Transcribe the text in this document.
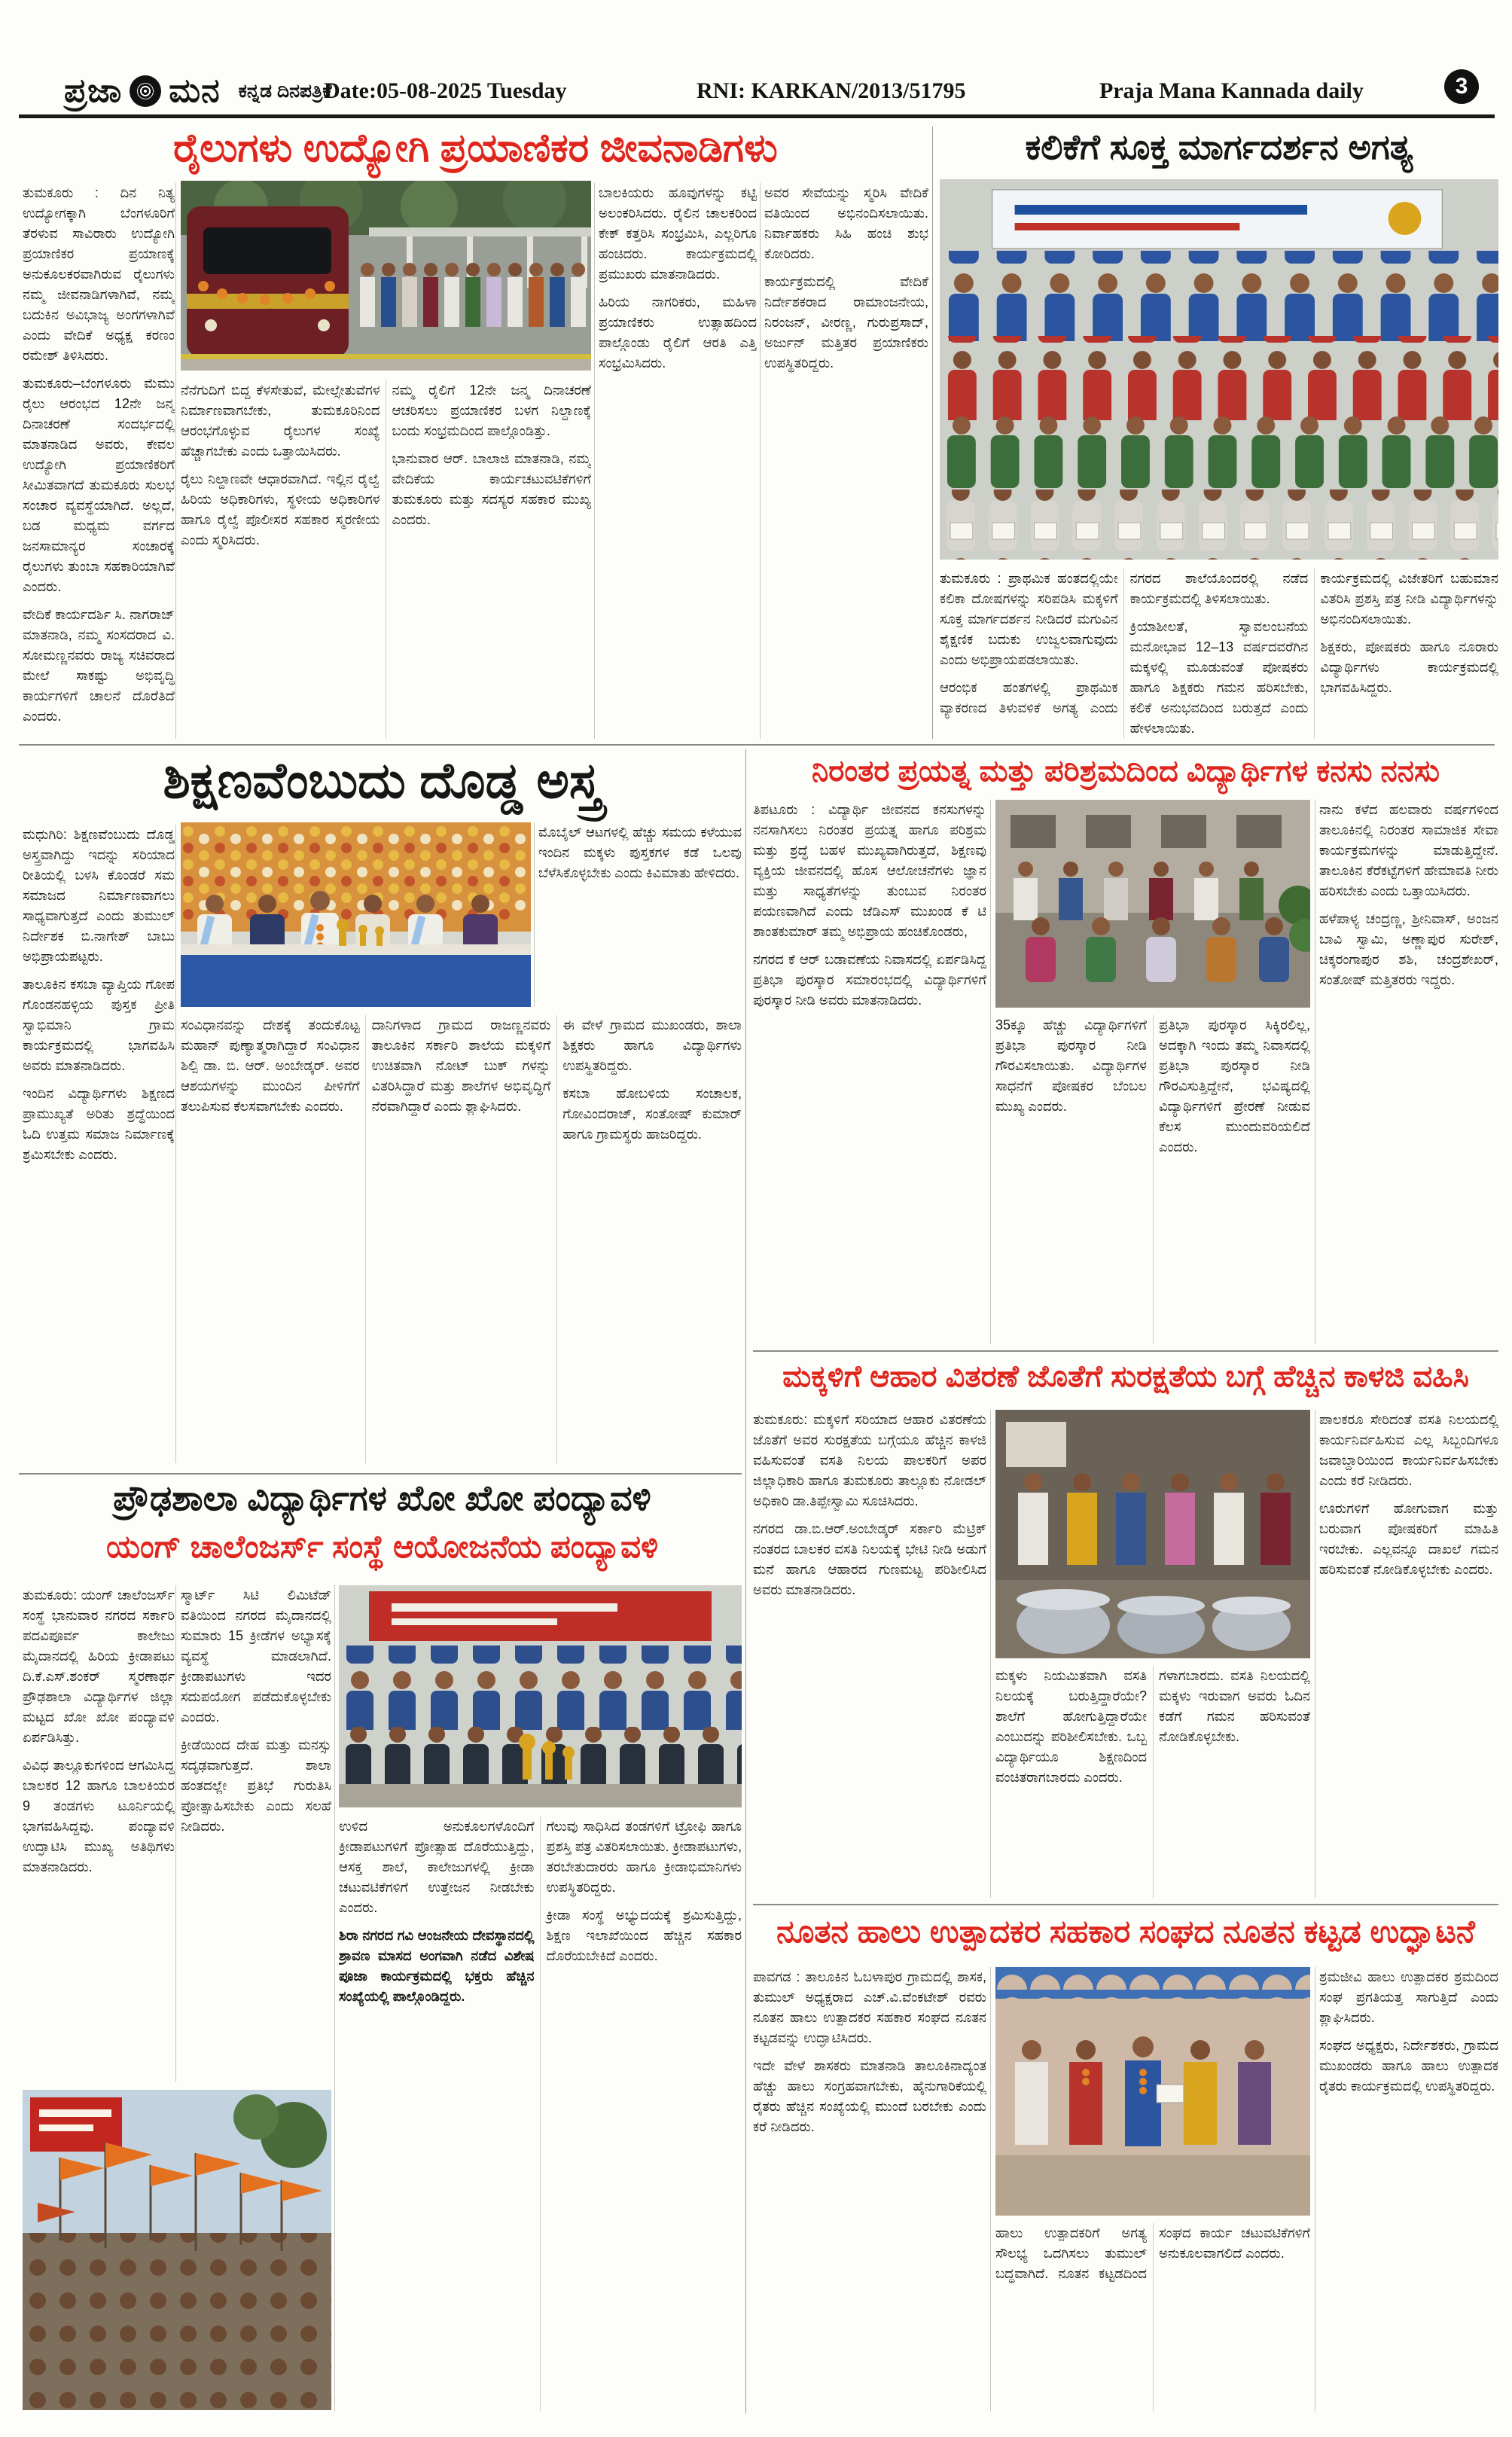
ಪ್ರಜಾ ಮನ ಕನ್ನಡ ದಿನಪತ್ರಿಕೆ
Date:05-08-2025 Tuesday	RNI: KARKAN/2013/51795	Praja Mana Kannada daily	3
ರೈಲುಗಳು ಉದ್ಯೋಗಿ ಪ್ರಯಾಣಿಕರ ಜೀವನಾಡಿಗಳು

ತುಮಕೂರು : ದಿನ ನಿತ್ಯ ಉದ್ಯೋಗಕ್ಕಾಗಿ ಬೆಂಗಳೂರಿಗೆ ತೆರಳುವ ಸಾವಿರಾರು ಉದ್ಯೋಗಿ ಪ್ರಯಾಣಿಕರ ಪ್ರಯಾಣಕ್ಕೆ ಅನುಕೂಲಕರವಾಗಿರುವ ರೈಲುಗಳು ನಮ್ಮ ಜೀವನಾಡಿಗಳಾಗಿವೆ, ನಮ್ಮ ಬದುಕಿನ ಅವಿಭಾಜ್ಯ ಅಂಗಗಳಾಗಿವೆ ಎಂದು ವೇದಿಕೆ ಅಧ್ಯಕ್ಷ ಕರಣಂ ರಮೇಶ್ ತಿಳಿಸಿದರು.

ತುಮಕೂರು–ಬೆಂಗಳೂರು ಮೆಮು ರೈಲು ಆರಂಭದ 12ನೇ ಜನ್ಮ ದಿನಾಚರಣೆ ಸಂದರ್ಭದಲ್ಲಿ ಮಾತನಾಡಿದ ಅವರು, ಕೇವಲ ಉದ್ಯೋಗಿ ಪ್ರಯಾಣಿಕರಿಗೆ ಸೀಮಿತವಾಗದೆ ತುಮಕೂರು ಸುಲಭ ಸಂಚಾರ ವ್ಯವಸ್ಥೆಯಾಗಿದೆ. ಅಲ್ಲದೆ, ಬಡ ಮಧ್ಯಮ ವರ್ಗದ ಜನಸಾಮಾನ್ಯರ ಸಂಚಾರಕ್ಕೆ ರೈಲುಗಳು ತುಂಬಾ ಸಹಕಾರಿಯಾಗಿವೆ ಎಂದರು.

ವೇದಿಕೆ ಕಾರ್ಯದರ್ಶಿ ಸಿ. ನಾಗರಾಜ್ ಮಾತನಾಡಿ, ನಮ್ಮ ಸಂಸದರಾದ ವಿ. ಸೋಮಣ್ಣನವರು ರಾಜ್ಯ ಸಚಿವರಾದ ಮೇಲೆ ಸಾಕಷ್ಟು ಅಭಿವೃದ್ಧಿ ಕಾರ್ಯಗಳಿಗೆ ಚಾಲನೆ ದೊರೆತಿದೆ ಎಂದರು.

ನೆನೆಗುದಿಗೆ ಬಿದ್ದ ಕೆಳಸೇತುವೆ, ಮೇಲ್ಸೇತುವೆಗಳ ನಿರ್ಮಾಣವಾಗಬೇಕು, ತುಮಕೂರಿನಿಂದ ಆರಂಭಗೊಳ್ಳುವ ರೈಲುಗಳ ಸಂಖ್ಯೆ ಹೆಚ್ಚಾಗಬೇಕು ಎಂದು ಒತ್ತಾಯಿಸಿದರು.

ರೈಲು ನಿಲ್ದಾಣವೇ ಆಧಾರವಾಗಿದೆ. ಇಲ್ಲಿನ ರೈಲ್ವೆ ಹಿರಿಯ ಅಧಿಕಾರಿಗಳು, ಸ್ಥಳೀಯ ಅಧಿಕಾರಿಗಳ ಹಾಗೂ ರೈಲ್ವೆ ಪೊಲೀಸರ ಸಹಕಾರ ಸ್ಮರಣೀಯ ಎಂದು ಸ್ಮರಿಸಿದರು.

ನಮ್ಮ ರೈಲಿಗೆ 12ನೇ ಜನ್ಮ ದಿನಾಚರಣೆ ಆಚರಿಸಲು ಪ್ರಯಾಣಿಕರ ಬಳಗ ನಿಲ್ದಾಣಕ್ಕೆ ಬಂದು ಸಂಭ್ರಮದಿಂದ ಪಾಲ್ಗೊಂಡಿತ್ತು.

ಭಾನುವಾರ ಆರ್. ಬಾಲಾಜಿ ಮಾತನಾಡಿ, ನಮ್ಮ ವೇದಿಕೆಯ ಕಾರ್ಯಚಟುವಟಿಕೆಗಳಿಗೆ ತುಮಕೂರು ಮತ್ತು ಸದಸ್ಯರ ಸಹಕಾರ ಮುಖ್ಯ ಎಂದರು.

ಬಾಲಕಿಯರು ಹೂವುಗಳನ್ನು ಕಟ್ಟಿ ಅಲಂಕರಿಸಿದರು. ರೈಲಿನ ಚಾಲಕರಿಂದ ಕೇಕ್ ಕತ್ತರಿಸಿ ಸಂಭ್ರಮಿಸಿ, ಎಲ್ಲರಿಗೂ ಹಂಚಿದರು. ಕಾರ್ಯಕ್ರಮದಲ್ಲಿ ಪ್ರಮುಖರು ಮಾತನಾಡಿದರು.

ಹಿರಿಯ ನಾಗರಿಕರು, ಮಹಿಳಾ ಪ್ರಯಾಣಿಕರು ಉತ್ಸಾಹದಿಂದ ಪಾಲ್ಗೊಂಡು ರೈಲಿಗೆ ಆರತಿ ಎತ್ತಿ ಸಂಭ್ರಮಿಸಿದರು.

ಅವರ ಸೇವೆಯನ್ನು ಸ್ಮರಿಸಿ ವೇದಿಕೆ ವತಿಯಿಂದ ಅಭಿನಂದಿಸಲಾಯಿತು. ನಿರ್ವಾಹಕರು ಸಿಹಿ ಹಂಚಿ ಶುಭ ಕೋರಿದರು.

ಕಾರ್ಯಕ್ರಮದಲ್ಲಿ ವೇದಿಕೆ ನಿರ್ದೇಶಕರಾದ ರಾಮಾಂಜನೇಯ, ನಿರಂಜನ್, ವೀರಣ್ಣ, ಗುರುಪ್ರಸಾದ್, ಅರ್ಜುನ್ ಮತ್ತಿತರ ಪ್ರಯಾಣಿಕರು ಉಪಸ್ಥಿತರಿದ್ದರು.

ಕಲಿಕೆಗೆ ಸೂಕ್ತ ಮಾರ್ಗದರ್ಶನ ಅಗತ್ಯ

ತುಮಕೂರು : ಪ್ರಾಥಮಿಕ ಹಂತದಲ್ಲಿಯೇ ಕಲಿಕಾ ದೋಷಗಳನ್ನು ಸರಿಪಡಿಸಿ ಮಕ್ಕಳಿಗೆ ಸೂಕ್ತ ಮಾರ್ಗದರ್ಶನ ನೀಡಿದರೆ ಮಗುವಿನ ಶೈಕ್ಷಣಿಕ ಬದುಕು ಉಜ್ವಲವಾಗುವುದು ಎಂದು ಅಭಿಪ್ರಾಯಪಡಲಾಯಿತು.

ಆರಂಭಿಕ ಹಂತಗಳಲ್ಲಿ ಪ್ರಾಥಮಿಕ ವ್ಯಾಕರಣದ ತಿಳುವಳಿಕೆ ಅಗತ್ಯ ಎಂದು ನಗರದ ಶಾಲೆಯೊಂದರಲ್ಲಿ ನಡೆದ ಕಾರ್ಯಕ್ರಮದಲ್ಲಿ ತಿಳಿಸಲಾಯಿತು.

ಕ್ರಿಯಾಶೀಲತೆ, ಸ್ವಾವಲಂಬನೆಯ ಮನೋಭಾವ 12–13 ವರ್ಷದವರೆಗಿನ ಮಕ್ಕಳಲ್ಲಿ ಮೂಡುವಂತೆ ಪೋಷಕರು ಹಾಗೂ ಶಿಕ್ಷಕರು ಗಮನ ಹರಿಸಬೇಕು, ಕಲಿಕೆ ಅನುಭವದಿಂದ ಬರುತ್ತದೆ ಎಂದು ಹೇಳಲಾಯಿತು.

ಕಾರ್ಯಕ್ರಮದಲ್ಲಿ ವಿಜೇತರಿಗೆ ಬಹುಮಾನ ವಿತರಿಸಿ ಪ್ರಶಸ್ತಿ ಪತ್ರ ನೀಡಿ ವಿದ್ಯಾರ್ಥಿಗಳನ್ನು ಅಭಿನಂದಿಸಲಾಯಿತು.

ಶಿಕ್ಷಕರು, ಪೋಷಕರು ಹಾಗೂ ನೂರಾರು ವಿದ್ಯಾರ್ಥಿಗಳು ಕಾರ್ಯಕ್ರಮದಲ್ಲಿ ಭಾಗವಹಿಸಿದ್ದರು.

ಶಿಕ್ಷಣವೆಂಬುದು ದೊಡ್ಡ ಅಸ್ತ್ರ

ಮಧುಗಿರಿ: ಶಿಕ್ಷಣವೆಂಬುದು ದೊಡ್ಡ ಅಸ್ತ್ರವಾಗಿದ್ದು ಇದನ್ನು ಸರಿಯಾದ ರೀತಿಯಲ್ಲಿ ಬಳಸಿ ಕೊಂಡರೆ ಸಮ ಸಮಾಜದ ನಿರ್ಮಾಣವಾಗಲು ಸಾಧ್ಯವಾಗುತ್ತದೆ ಎಂದು ತುಮುಲ್ ನಿರ್ದೇಶಕ ಬಿ.ನಾಗೇಶ್ ಬಾಬು ಅಭಿಪ್ರಾಯಪಟ್ಟರು.

ತಾಲೂಕಿನ ಕಸಬಾ ವ್ಯಾಪ್ತಿಯ ಗೋಪ ಗೊಂಡನಹಳ್ಳಿಯ ಪುಸ್ತಕ ಪ್ರೀತಿ ಸ್ವಾಭಿಮಾನಿ ಗ್ರಾಮ ಕಾರ್ಯಕ್ರಮದಲ್ಲಿ ಭಾಗವಹಿಸಿ ಅವರು ಮಾತನಾಡಿದರು.

ಇಂದಿನ ವಿದ್ಯಾರ್ಥಿಗಳು ಶಿಕ್ಷಣದ ಪ್ರಾಮುಖ್ಯತೆ ಅರಿತು ಶ್ರದ್ಧೆಯಿಂದ ಓದಿ ಉತ್ತಮ ಸಮಾಜ ನಿರ್ಮಾಣಕ್ಕೆ ಶ್ರಮಿಸಬೇಕು ಎಂದರು.

ಮೊಬೈಲ್ ಆಟಗಳಲ್ಲಿ ಹೆಚ್ಚು ಸಮಯ ಕಳೆಯುವ ಇಂದಿನ ಮಕ್ಕಳು ಪುಸ್ತಕಗಳ ಕಡೆ ಒಲವು ಬೆಳೆಸಿಕೊಳ್ಳಬೇಕು ಎಂದು ಕಿವಿಮಾತು ಹೇಳಿದರು.

ಸಂವಿಧಾನವನ್ನು ದೇಶಕ್ಕೆ ತಂದುಕೊಟ್ಟ ಮಹಾನ್ ಪುಣ್ಯಾತ್ಮರಾಗಿದ್ದಾರೆ ಸಂವಿಧಾನ ಶಿಲ್ಪಿ ಡಾ. ಬಿ. ಆರ್. ಅಂಬೇಡ್ಕರ್. ಅವರ ಆಶಯಗಳನ್ನು ಮುಂದಿನ ಪೀಳಿಗೆಗೆ ತಲುಪಿಸುವ ಕೆಲಸವಾಗಬೇಕು ಎಂದರು.

ದಾನಿಗಳಾದ ಗ್ರಾಮದ ರಾಜಣ್ಣನವರು ತಾಲೂಕಿನ ಸರ್ಕಾರಿ ಶಾಲೆಯ ಮಕ್ಕಳಿಗೆ ಉಚಿತವಾಗಿ ನೋಟ್ ಬುಕ್ ಗಳನ್ನು ವಿತರಿಸಿದ್ದಾರೆ ಮತ್ತು ಶಾಲೆಗಳ ಅಭಿವೃದ್ಧಿಗೆ ನೆರವಾಗಿದ್ದಾರೆ ಎಂದು ಶ್ಲಾಘಿಸಿದರು.

ಈ ವೇಳೆ ಗ್ರಾಮದ ಮುಖಂಡರು, ಶಾಲಾ ಶಿಕ್ಷಕರು ಹಾಗೂ ವಿದ್ಯಾರ್ಥಿಗಳು ಉಪಸ್ಥಿತರಿದ್ದರು.

ಕಸಬಾ ಹೋಬಳಿಯ ಸಂಚಾಲಕ, ಗೋವಿಂದರಾಜ್, ಸಂತೋಷ್ ಕುಮಾರ್ ಹಾಗೂ ಗ್ರಾಮಸ್ಥರು ಹಾಜರಿದ್ದರು.

ನಿರಂತರ ಪ್ರಯತ್ನ ಮತ್ತು ಪರಿಶ್ರಮದಿಂದ ವಿದ್ಯಾರ್ಥಿಗಳ ಕನಸು ನನಸು

ತಿಪಟೂರು : ವಿದ್ಯಾರ್ಥಿ ಜೀವನದ ಕನಸುಗಳನ್ನು ನನಸಾಗಿಸಲು ನಿರಂತರ ಪ್ರಯತ್ನ ಹಾಗೂ ಪರಿಶ್ರಮ ಮತ್ತು ಶ್ರದ್ಧೆ ಬಹಳ ಮುಖ್ಯವಾಗಿರುತ್ತದೆ, ಶಿಕ್ಷಣವು ವ್ಯಕ್ತಿಯ ಜೀವನದಲ್ಲಿ ಹೊಸ ಆಲೋಚನೆಗಳು ಜ್ಞಾನ ಮತ್ತು ಸಾಧ್ಯತೆಗಳನ್ನು ತುಂಬುವ ನಿರಂತರ ಪಯಣವಾಗಿದೆ ಎಂದು ಜೆಡಿಎಸ್ ಮುಖಂಡ ಕೆ ಟಿ ಶಾಂತಕುಮಾರ್ ತಮ್ಮ ಅಭಿಪ್ರಾಯ ಹಂಚಿಕೊಂಡರು,

ನಗರದ ಕೆ ಆರ್ ಬಡಾವಣೆಯ ನಿವಾಸದಲ್ಲಿ ಏರ್ಪಡಿಸಿದ್ದ ಪ್ರತಿಭಾ ಪುರಸ್ಕಾರ ಸಮಾರಂಭದಲ್ಲಿ ವಿದ್ಯಾರ್ಥಿಗಳಿಗೆ ಪುರಸ್ಕಾರ ನೀಡಿ ಅವರು ಮಾತನಾಡಿದರು.

35ಕ್ಕೂ ಹೆಚ್ಚು ವಿದ್ಯಾರ್ಥಿಗಳಿಗೆ ಪ್ರತಿಭಾ ಪುರಸ್ಕಾರ ನೀಡಿ ಗೌರವಿಸಲಾಯಿತು. ವಿದ್ಯಾರ್ಥಿಗಳ ಸಾಧನೆಗೆ ಪೋಷಕರ ಬೆಂಬಲ ಮುಖ್ಯ ಎಂದರು.

ಪ್ರತಿಭಾ ಪುರಸ್ಕಾರ ಸಿಕ್ಕಿರಲಿಲ್ಲ, ಅದಕ್ಕಾಗಿ ಇಂದು ತಮ್ಮ ನಿವಾಸದಲ್ಲಿ ಪ್ರತಿಭಾ ಪುರಸ್ಕಾರ ನೀಡಿ ಗೌರವಿಸುತ್ತಿದ್ದೇನೆ, ಭವಿಷ್ಯದಲ್ಲಿ ವಿದ್ಯಾರ್ಥಿಗಳಿಗೆ ಪ್ರೇರಣೆ ನೀಡುವ ಕೆಲಸ ಮುಂದುವರಿಯಲಿದೆ ಎಂದರು.

ನಾನು ಕಳೆದ ಹಲವಾರು ವರ್ಷಗಳಿಂದ ತಾಲೂಕಿನಲ್ಲಿ ನಿರಂತರ ಸಾಮಾಜಿಕ ಸೇವಾ ಕಾರ್ಯಕ್ರಮಗಳನ್ನು ಮಾಡುತ್ತಿದ್ದೇನೆ. ತಾಲೂಕಿನ ಕೆರೆಕಟ್ಟೆಗಳಿಗೆ ಹೇಮಾವತಿ ನೀರು ಹರಿಸಬೇಕು ಎಂದು ಒತ್ತಾಯಿಸಿದರು.

ಹಳೆಪಾಳ್ಯ ಚಂದ್ರಣ್ಣ, ಶ್ರೀನಿವಾಸ್, ಅಂಜನ ಬಾವಿ ಸ್ವಾಮಿ, ಅಣ್ಣಾಪುರ ಸುರೇಶ್, ಚಿಕ್ಕರಂಗಾಪುರ ಶಶಿ, ಚಂದ್ರಶೇಖರ್, ಸಂತೋಷ್ ಮತ್ತಿತರರು ಇದ್ದರು.

ಮಕ್ಕಳಿಗೆ ಆಹಾರ ವಿತರಣೆ ಜೊತೆಗೆ ಸುರಕ್ಷತೆಯ ಬಗ್ಗೆ ಹೆಚ್ಚಿನ ಕಾಳಜಿ ವಹಿಸಿ

ತುಮಕೂರು: ಮಕ್ಕಳಿಗೆ ಸರಿಯಾದ ಆಹಾರ ವಿತರಣೆಯ ಜೊತೆಗೆ ಅವರ ಸುರಕ್ಷತೆಯ ಬಗ್ಗೆಯೂ ಹೆಚ್ಚಿನ ಕಾಳಜಿ ವಹಿಸುವಂತೆ ವಸತಿ ನಿಲಯ ಪಾಲಕರಿಗೆ ಅಪರ ಜಿಲ್ಲಾಧಿಕಾರಿ ಹಾಗೂ ತುಮಕೂರು ತಾಲ್ಲೂಕು ನೋಡಲ್ ಅಧಿಕಾರಿ ಡಾ.ತಿಪ್ಪೇಸ್ವಾಮಿ ಸೂಚಿಸಿದರು.

ನಗರದ ಡಾ.ಬಿ.ಆರ್.ಅಂಬೇಡ್ಕರ್ ಸರ್ಕಾರಿ ಮೆಟ್ರಿಕ್ ನಂತರದ ಬಾಲಕರ ವಸತಿ ನಿಲಯಕ್ಕೆ ಭೇಟಿ ನೀಡಿ ಅಡುಗೆ ಮನೆ ಹಾಗೂ ಆಹಾರದ ಗುಣಮಟ್ಟ ಪರಿಶೀಲಿಸಿದ ಅವರು ಮಾತನಾಡಿದರು.

ಮಕ್ಕಳು ನಿಯಮಿತವಾಗಿ ವಸತಿ ನಿಲಯಕ್ಕೆ ಬರುತ್ತಿದ್ದಾರೆಯೇ? ಶಾಲೆಗೆ ಹೋಗುತ್ತಿದ್ದಾರೆಯೇ ಎಂಬುದನ್ನು ಪರಿಶೀಲಿಸಬೇಕು. ಒಬ್ಬ ವಿದ್ಯಾರ್ಥಿಯೂ ಶಿಕ್ಷಣದಿಂದ ವಂಚಿತರಾಗಬಾರದು ಎಂದರು.

ಗಳಾಗಬಾರದು. ವಸತಿ ನಿಲಯದಲ್ಲಿ ಮಕ್ಕಳು ಇರುವಾಗ ಅವರು ಓದಿನ ಕಡೆಗೆ ಗಮನ ಹರಿಸುವಂತೆ ನೋಡಿಕೊಳ್ಳಬೇಕು.

ಪಾಲಕರೂ ಸೇರಿದಂತೆ ವಸತಿ ನಿಲಯದಲ್ಲಿ ಕಾರ್ಯನಿರ್ವಹಿಸುವ ಎಲ್ಲ ಸಿಬ್ಬಂದಿಗಳೂ ಜವಾಬ್ದಾರಿಯಿಂದ ಕಾರ್ಯನಿರ್ವಹಿಸಬೇಕು ಎಂದು ಕರೆ ನೀಡಿದರು.

ಊರುಗಳಿಗೆ ಹೋಗುವಾಗ ಮತ್ತು ಬರುವಾಗ ಪೋಷಕರಿಗೆ ಮಾಹಿತಿ ಇರಬೇಕು. ಎಲ್ಲವನ್ನೂ ದಾಖಲೆ ಗಮನ ಹರಿಸುವಂತೆ ನೋಡಿಕೊಳ್ಳಬೇಕು ಎಂದರು.

ನೂತನ ಹಾಲು ಉತ್ಪಾದಕರ ಸಹಕಾರ ಸಂಘದ ನೂತನ ಕಟ್ಟಡ ಉದ್ಘಾಟನೆ

ಪಾವಗಡ : ತಾಲೂಕಿನ ಓಬಳಾಪುರ ಗ್ರಾಮದಲ್ಲಿ ಶಾಸಕ, ತುಮುಲ್ ಅಧ್ಯಕ್ಷರಾದ ಎಚ್.ವಿ.ವೆಂಕಟೇಶ್ ರವರು ನೂತನ ಹಾಲು ಉತ್ಪಾದಕರ ಸಹಕಾರ ಸಂಘದ ನೂತನ ಕಟ್ಟಡವನ್ನು ಉದ್ಘಾಟಿಸಿದರು.

ಇದೇ ವೇಳೆ ಶಾಸಕರು ಮಾತನಾಡಿ ತಾಲೂಕಿನಾದ್ಯಂತ ಹೆಚ್ಚು ಹಾಲು ಸಂಗ್ರಹವಾಗಬೇಕು, ಹೈನುಗಾರಿಕೆಯಲ್ಲಿ ರೈತರು ಹೆಚ್ಚಿನ ಸಂಖ್ಯೆಯಲ್ಲಿ ಮುಂದೆ ಬರಬೇಕು ಎಂದು ಕರೆ ನೀಡಿದರು.

ಹಾಲು ಉತ್ಪಾದಕರಿಗೆ ಅಗತ್ಯ ಸೌಲಭ್ಯ ಒದಗಿಸಲು ತುಮುಲ್ ಬದ್ಧವಾಗಿದೆ. ನೂತನ ಕಟ್ಟಡದಿಂದ ಸಂಘದ ಕಾರ್ಯ ಚಟುವಟಿಕೆಗಳಿಗೆ ಅನುಕೂಲವಾಗಲಿದೆ ಎಂದರು.

ಶ್ರಮಜೀವಿ ಹಾಲು ಉತ್ಪಾದಕರ ಶ್ರಮದಿಂದ ಸಂಘ ಪ್ರಗತಿಯತ್ತ ಸಾಗುತ್ತಿದೆ ಎಂದು ಶ್ಲಾಘಿಸಿದರು.

ಸಂಘದ ಅಧ್ಯಕ್ಷರು, ನಿರ್ದೇಶಕರು, ಗ್ರಾಮದ ಮುಖಂಡರು ಹಾಗೂ ಹಾಲು ಉತ್ಪಾದಕ ರೈತರು ಕಾರ್ಯಕ್ರಮದಲ್ಲಿ ಉಪಸ್ಥಿತರಿದ್ದರು.

ಪ್ರೌಢಶಾಲಾ ವಿದ್ಯಾರ್ಥಿಗಳ ಖೋ ಖೋ ಪಂದ್ಯಾವಳಿ
ಯಂಗ್ ಚಾಲೆಂಜರ್ಸ್ ಸಂಸ್ಥೆ ಆಯೋಜನೆಯ ಪಂದ್ಯಾವಳಿ

ತುಮಕೂರು: ಯಂಗ್ ಚಾಲೆಂಜರ್ಸ್ ಸಂಸ್ಥೆ ಭಾನುವಾರ ನಗರದ ಸರ್ಕಾರಿ ಪದವಿಪೂರ್ವ ಕಾಲೇಜು ಮೈದಾನದಲ್ಲಿ ಹಿರಿಯ ಕ್ರೀಡಾಪಟು ದಿ.ಕೆ.ಎಸ್.ಶಂಕರ್ ಸ್ಮರಣಾರ್ಥ ಪ್ರೌಢಶಾಲಾ ವಿದ್ಯಾರ್ಥಿಗಳ ಜಿಲ್ಲಾ ಮಟ್ಟದ ಖೋ ಖೋ ಪಂದ್ಯಾವಳಿ ಏರ್ಪಡಿಸಿತ್ತು.

ವಿವಿಧ ತಾಲ್ಲೂಕುಗಳಿಂದ ಆಗಮಿಸಿದ್ದ ಬಾಲಕರ 12 ಹಾಗೂ ಬಾಲಕಿಯರ 9 ತಂಡಗಳು ಟೂರ್ನಿಯಲ್ಲಿ ಭಾಗವಹಿಸಿದ್ದವು. ಪಂದ್ಯಾವಳಿ ಉದ್ಘಾಟಿಸಿ ಮುಖ್ಯ ಅತಿಥಿಗಳು ಮಾತನಾಡಿದರು.

ಸ್ಮಾರ್ಟ್ ಸಿಟಿ ಲಿಮಿಟೆಡ್ ವತಿಯಿಂದ ನಗರದ ಮೈದಾನದಲ್ಲಿ ಸುಮಾರು 15 ಕ್ರೀಡೆಗಳ ಅಭ್ಯಾಸಕ್ಕೆ ವ್ಯವಸ್ಥೆ ಮಾಡಲಾಗಿದೆ. ಕ್ರೀಡಾಪಟುಗಳು ಇದರ ಸದುಪಯೋಗ ಪಡೆದುಕೊಳ್ಳಬೇಕು ಎಂದರು.

ಕ್ರೀಡೆಯಿಂದ ದೇಹ ಮತ್ತು ಮನಸ್ಸು ಸದೃಢವಾಗುತ್ತದೆ. ಶಾಲಾ ಹಂತದಲ್ಲೇ ಪ್ರತಿಭೆ ಗುರುತಿಸಿ ಪ್ರೋತ್ಸಾಹಿಸಬೇಕು ಎಂದು ಸಲಹೆ ನೀಡಿದರು.	ಉಳಿದ ಅನುಕೂಲಗಳೊಂದಿಗೆ ಕ್ರೀಡಾಪಟುಗಳಿಗೆ ಪ್ರೋತ್ಸಾಹ ದೊರೆಯುತ್ತಿದ್ದು, ಆಸಕ್ತ ಶಾಲೆ, ಕಾಲೇಜುಗಳಲ್ಲಿ ಕ್ರೀಡಾ ಚಟುವಟಿಕೆಗಳಿಗೆ ಉತ್ತೇಜನ ನೀಡಬೇಕು ಎಂದರು.

ಶಿರಾ ನಗರದ ಗವಿ ಆಂಜನೇಯ ದೇವಸ್ಥಾನದಲ್ಲಿ ಶ್ರಾವಣ ಮಾಸದ ಅಂಗವಾಗಿ ನಡೆದ ವಿಶೇಷ ಪೂಜಾ ಕಾರ್ಯಕ್ರಮದಲ್ಲಿ ಭಕ್ತರು ಹೆಚ್ಚಿನ ಸಂಖ್ಯೆಯಲ್ಲಿ ಪಾಲ್ಗೊಂಡಿದ್ದರು.

ಗೆಲುವು ಸಾಧಿಸಿದ ತಂಡಗಳಿಗೆ ಟ್ರೋಫಿ ಹಾಗೂ ಪ್ರಶಸ್ತಿ ಪತ್ರ ವಿತರಿಸಲಾಯಿತು. ಕ್ರೀಡಾಪಟುಗಳು, ತರಬೇತುದಾರರು ಹಾಗೂ ಕ್ರೀಡಾಭಿಮಾನಿಗಳು ಉಪಸ್ಥಿತರಿದ್ದರು.

ಕ್ರೀಡಾ ಸಂಸ್ಥೆ ಅಭ್ಯುದಯಕ್ಕೆ ಶ್ರಮಿಸುತ್ತಿದ್ದು, ಶಿಕ್ಷಣ ಇಲಾಖೆಯಿಂದ ಹೆಚ್ಚಿನ ಸಹಕಾರ ದೊರೆಯಬೇಕಿದೆ ಎಂದರು.
